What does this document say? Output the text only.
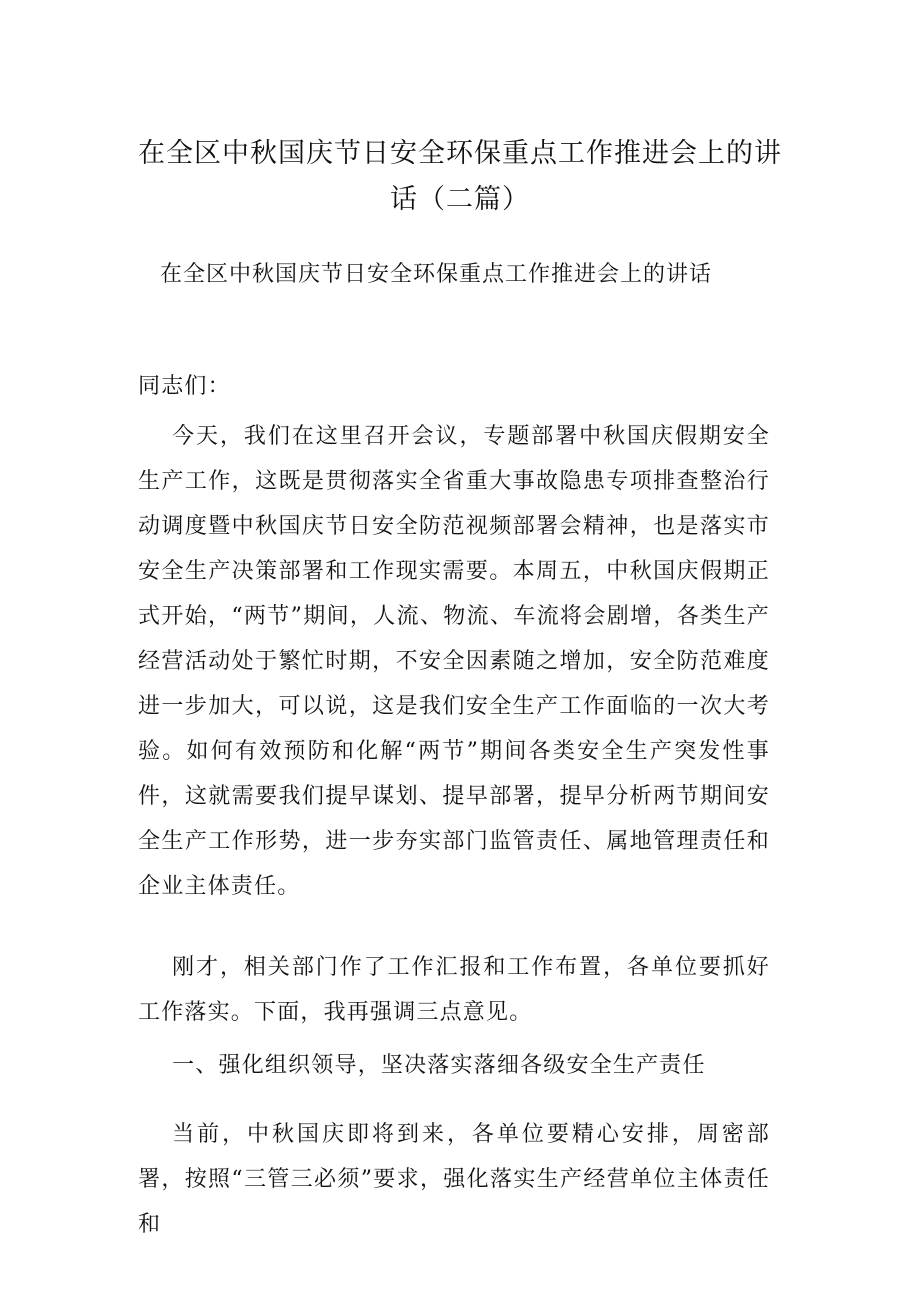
在全区中秋国庆节日安全环保重点工作推进会上的讲话（二篇）
在全区中秋国庆节日安全环保重点工作推进会上的讲话
同志们：
今天，我们在这里召开会议，专题部署中秋国庆假期安全生产工作，这既是贯彻落实全省重大事故隐患专项排查整治行动调度暨中秋国庆节日安全防范视频部署会精神，也是落实市安全生产决策部署和工作现实需要。本周五，中秋国庆假期正式开始，“两节”期间，人流、物流、车流将会剧增，各类生产经营活动处于繁忙时期，不安全因素随之增加，安全防范难度进一步加大，可以说，这是我们安全生产工作面临的一次大考验。如何有效预防和化解“两节”期间各类安全生产突发性事件，这就需要我们提早谋划、提早部署，提早分析两节期间安全生产工作形势，进一步夯实部门监管责任、属地管理责任和企业主体责任。
刚才，相关部门作了工作汇报和工作布置，各单位要抓好工作落实。下面，我再强调三点意见。
一、强化组织领导，坚决落实落细各级安全生产责任
当前，中秋国庆即将到来，各单位要精心安排，周密部署，按照“三管三必须”要求，强化落实生产经营单位主体责任和
